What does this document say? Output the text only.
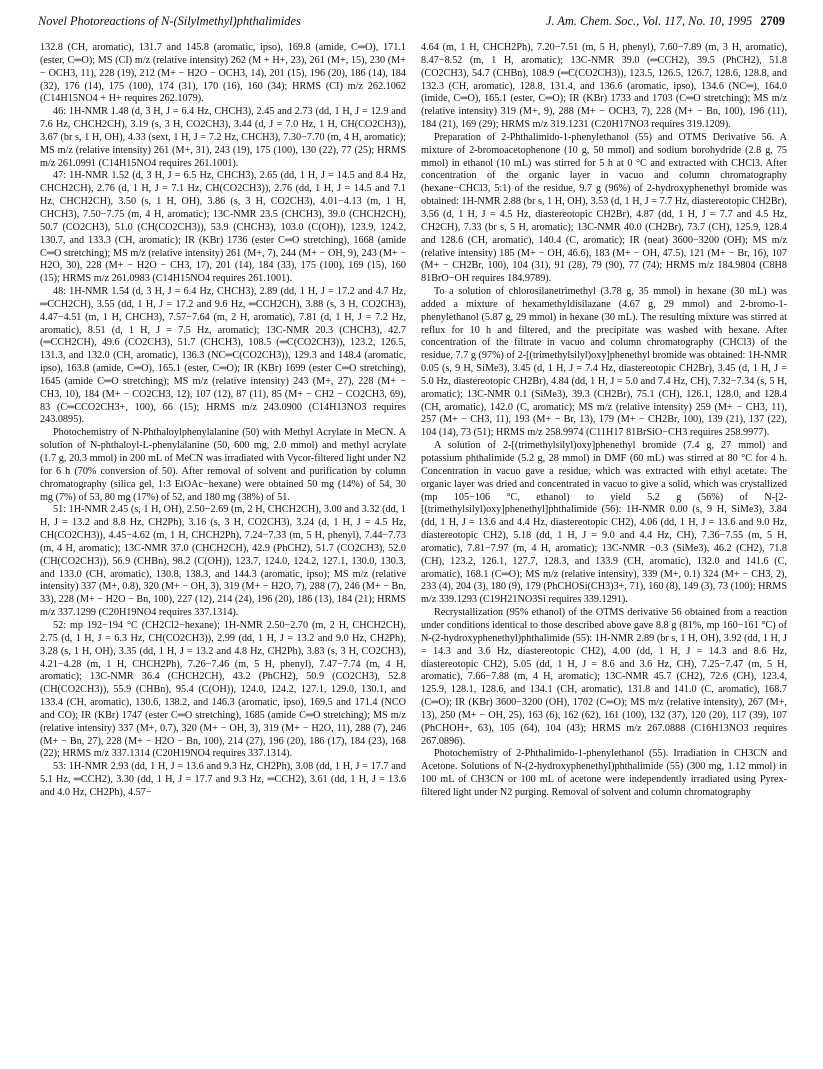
Novel Photoreactions of N-(Silylmethyl)phthalimides	J. Am. Chem. Soc., Vol. 117, No. 10, 1995 2709

132.8 (CH, aromatic), 131.7 and 145.8 (aromatic, ipso), 169.8 (amide, C═O), 171.1 (ester, C═O); MS (CI) m/z (relative intensity) 262 (M + H+, 23), 261 (M+, 15), 230 (M+ − OCH3, 11), 228 (19), 212 (M+ − H2O − OCH3, 14), 201 (15), 196 (20), 186 (14), 184 (32), 176 (14), 175 (100), 174 (31), 170 (16), 160 (34); HRMS (CI) m/z 262.1062 (C14H15NO4 + H+ requires 262.1079).

46: 1H-NMR 1.48 (d, 3 H, J = 6.4 Hz, CHCH3), 2.45 and 2.73 (dd, 1 H, J = 12.9 and 7.6 Hz, CHCH2CH), 3.19 (s, 3 H, CO2CH3), 3.44 (d, J = 7.0 Hz, 1 H, CH(CO2CH3)), 3.67 (br s, 1 H, OH), 4.33 (sext, 1 H, J = 7.2 Hz, CHCH3), 7.30−7.70 (m, 4 H, aromatic); MS m/z (relative intensity) 261 (M+, 31), 243 (19), 175 (100), 130 (22), 77 (25); HRMS m/z 261.0991 (C14H15NO4 requires 261.1001).

47: 1H-NMR 1.52 (d, 3 H, J = 6.5 Hz, CHCH3), 2.65 (dd, 1 H, J = 14.5 and 8.4 Hz, CHCH2CH), 2.76 (d, 1 H, J = 7.1 Hz, CH(CO2CH3)), 2.76 (dd, 1 H, J = 14.5 and 7.1 Hz, CHCH2CH), 3.50 (s, 1 H, OH), 3.86 (s, 3 H, CO2CH3), 4.01−4.13 (m, 1 H, CHCH3), 7.50−7.75 (m, 4 H, aromatic); 13C-NMR 23.5 (CHCH3), 39.0 (CHCH2CH), 50.7 (CO2CH3), 51.0 (CH(CO2CH3)), 53.9 (CHCH3), 103.0 (C(OH)), 123.9, 124.2, 130.7, and 133.3 (CH, aromatic); IR (KBr) 1736 (ester C═O stretching), 1668 (amide C═O stretching); MS m/z (relative intensity) 261 (M+, 7), 244 (M+ − OH, 9), 243 (M+ − H2O, 30), 228 (M+ − H2O − CH3, 17), 201 (14), 184 (33), 175 (100), 169 (15), 160 (15); HRMS m/z 261.0983 (C14H15NO4 requires 261.1001).

48: 1H-NMR 1.54 (d, 3 H, J = 6.4 Hz, CHCH3), 2.89 (dd, 1 H, J = 17.2 and 4.7 Hz, ═CCH2CH), 3.55 (dd, 1 H, J = 17.2 and 9.6 Hz, ═CCH2CH), 3.88 (s, 3 H, CO2CH3), 4.47−4.51 (m, 1 H, CHCH3), 7.57−7.64 (m, 2 H, aromatic), 7.81 (d, 1 H, J = 7.2 Hz, aromatic), 8.51 (d, 1 H, J = 7.5 Hz, aromatic); 13C-NMR 20.3 (CHCH3), 42.7 (═CCH2CH), 49.6 (CO2CH3), 51.7 (CHCH3), 108.5 (═C(CO2CH3)), 123.2, 126.5, 131.3, and 132.0 (CH, aromatic), 136.3 (NC═C(CO2CH3)), 129.3 and 148.4 (aromatic, ipso), 163.8 (amide, C═O), 165.1 (ester, C═O); IR (KBr) 1699 (ester C═O stretching), 1645 (amide C═O stretching); MS m/z (relative intensity) 243 (M+, 27), 228 (M+ − CH3, 10), 184 (M+ − CO2CH3, 12), 107 (12), 87 (11), 85 (M+ − CH2 − CO2CH3, 69), 83 (C═CCO2CH3+, 100), 66 (15); HRMS m/z 243.0900 (C14H13NO3 requires 243.0895).

Photochemistry of N-Phthaloylphenylalanine (50) with Methyl Acrylate in MeCN. A solution of N-phthaloyl-L-phenylalanine (50, 600 mg, 2.0 mmol) and methyl acrylate (1.7 g, 20.3 mmol) in 200 mL of MeCN was irradiated with Vycor-filtered light under N2 for 6 h (70% conversion of 50). After removal of solvent and purification by column chromatography (silica gel, 1:3 EtOAc−hexane) were obtained 50 mg (14%) of 54, 30 mg (7%) of 53, 80 mg (17%) of 52, and 180 mg (38%) of 51.

51: 1H-NMR 2.45 (s, 1 H, OH), 2.50−2.69 (m, 2 H, CHCH2CH), 3.00 and 3.32 (dd, 1 H, J = 13.2 and 8.8 Hz, CH2Ph), 3.16 (s, 3 H, CO2CH3), 3.24 (d, 1 H, J = 4.5 Hz, CH(CO2CH3)), 4.45−4.62 (m, 1 H, CHCH2Ph), 7.24−7.33 (m, 5 H, phenyl), 7.44−7.73 (m, 4 H, aromatic); 13C-NMR 37.0 (CHCH2CH), 42.9 (PhCH2), 51.7 (CO2CH3), 52.0 (CH(CO2CH3)), 56.9 (CHBn), 98.2 (C(OH)), 123.7, 124.0, 124.2, 127.1, 130.0, 130.3, and 133.0 (CH, aromatic), 130.8, 138.3, and 144.3 (aromatic, ipso); MS m/z (relative intensity) 337 (M+, 0.8), 320 (M+ − OH, 3), 319 (M+ − H2O, 7), 288 (7), 246 (M+ − Bn, 33), 228 (M+ − H2O − Bn, 100), 227 (12), 214 (24), 196 (20), 186 (13), 184 (21); HRMS m/z 337.1299 (C20H19NO4 requires 337.1314).

52: mp 192−194 °C (CH2Cl2−hexane); 1H-NMR 2.50−2.70 (m, 2 H, CHCH2CH), 2.75 (d, 1 H, J = 6.3 Hz, CH(CO2CH3)), 2.99 (dd, 1 H, J = 13.2 and 9.0 Hz, CH2Ph), 3.28 (s, 1 H, OH), 3.35 (dd, 1 H, J = 13.2 and 4.8 Hz, CH2Ph), 3.83 (s, 3 H, CO2CH3), 4.21−4.28 (m, 1 H, CHCH2Ph), 7.26−7.46 (m, 5 H, phenyl), 7.47−7.74 (m, 4 H, aromatic); 13C-NMR 36.4 (CHCH2CH), 43.2 (PhCH2), 50.9 (CO2CH3), 52.8 (CH(CO2CH3)), 55.9 (CHBn), 95.4 (C(OH)), 124.0, 124.2, 127.1, 129.0, 130.1, and 133.4 (CH, aromatic), 130.6, 138.2, and 146.3 (aromatic, ipso), 169.5 and 171.4 (NCO and CO); IR (KBr) 1747 (ester C═O stretching), 1685 (amide C═O stretching); MS m/z (relative intensity) 337 (M+, 0.7), 320 (M+ − OH, 3), 319 (M+ − H2O, 11), 288 (7), 246 (M+ − Bn, 27), 228 (M+ − H2O − Bn, 100), 214 (27), 196 (20), 186 (17), 184 (23), 168 (22); HRMS m/z 337.1314 (C20H19NO4 requires 337.1314).

53: 1H-NMR 2.93 (dd, 1 H, J = 13.6 and 9.3 Hz, CH2Ph), 3.08 (dd, 1 H, J = 17.7 and 5.1 Hz, ═CCH2), 3.30 (dd, 1 H, J = 17.7 and 9.3 Hz, ═CCH2), 3.61 (dd, 1 H, J = 13.6 and 4.0 Hz, CH2Ph), 4.57−

4.64 (m, 1 H, CHCH2Ph), 7.20−7.51 (m, 5 H, phenyl), 7.60−7.89 (m, 3 H, aromatic), 8.47−8.52 (m, 1 H, aromatic); 13C-NMR 39.0 (═CCH2), 39.5 (PhCH2), 51.8 (CO2CH3), 54.7 (CHBn), 108.9 (═C(CO2CH3)), 123.5, 126.5, 126.7, 128.6, 128.8, and 132.3 (CH, aromatic), 128.8, 131.4, and 136.6 (aromatic, ipso), 134.6 (NC═), 164.0 (imide, C═O), 165.1 (ester, C═O); IR (KBr) 1733 and 1703 (C═O stretching); MS m/z (relative intensity) 319 (M+, 9), 288 (M+ − OCH3, 7), 228 (M+ − Bn, 100), 196 (11), 184 (21), 169 (29); HRMS m/z 319.1231 (C20H17NO3 requires 319.1209).

Preparation of 2-Phthalimido-1-phenylethanol (55) and OTMS Derivative 56. A mixture of 2-bromoacetophenone (10 g, 50 mmol) and sodium borohydride (2.8 g, 75 mmol) in ethanol (10 mL) was stirred for 5 h at 0 °C and extracted with CHCl3. After concentration of the organic layer in vacuo and column chromatography (hexane−CHCl3, 5:1) of the residue, 9.7 g (96%) of 2-hydroxyphenethyl bromide was obtained: 1H-NMR 2.88 (br s, 1 H, OH), 3.53 (d, 1 H, J = 7.7 Hz, diastereotopic CH2Br), 3.56 (d, 1 H, J = 4.5 Hz, diastereotopic CH2Br), 4.87 (dd, 1 H, J = 7.7 and 4.5 Hz, CH2CH), 7.33 (br s, 5 H, aromatic); 13C-NMR 40.0 (CH2Br), 73.7 (CH), 125.9, 128.4 and 128.6 (CH, aromatic), 140.4 (C, aromatic); IR (neat) 3600−3200 (OH); MS m/z (relative intensity) 185 (M+ − OH, 46.6), 183 (M+ − OH, 47.5), 121 (M+ − Br, 16), 107 (M+ − CH2Br, 100), 104 (31), 91 (28), 79 (90), 77 (74); HRMS m/z 184.9804 (C8H8 81BrO−OH requires 184.9789).

To a solution of chlorosilanetrimethyl (3.78 g, 35 mmol) in hexane (30 mL) was added a mixture of hexamethyldisilazane (4.67 g, 29 mmol) and 2-bromo-1-phenylethanol (5.87 g, 29 mmol) in hexane (30 mL). The resulting mixture was stirred at reflux for 10 h and filtered, and the precipitate was washed with hexane. After concentration of the filtrate in vacuo and column chromatography (CHCl3) of the residue, 7.7 g (97%) of 2-[(trimethylsilyl)oxy]phenethyl bromide was obtained: 1H-NMR 0.05 (s, 9 H, SiMe3), 3.45 (d, 1 H, J = 7.4 Hz, diastereotopic CH2Br), 3.45 (d, 1 H, J = 5.0 Hz, diastereotopic CH2Br), 4.84 (dd, 1 H, J = 5.0 and 7.4 Hz, CH), 7.32−7.34 (s, 5 H, aromatic); 13C-NMR 0.1 (SiMe3), 39.3 (CH2Br), 75.1 (CH), 126.1, 128.0, and 128.4 (CH, aromatic), 142.0 (C, aromatic); MS m/z (relative intensity) 259 (M+ − CH3, 11), 257 (M+ − CH3, 11), 193 (M+ − Br, 13), 179 (M+ − CH2Br, 100), 139 (21), 137 (22), 104 (14), 73 (51); HRMS m/z 258.9974 (C11H17 81BrSiO−CH3 requires 258.9977).

A solution of 2-[(trimethylsilyl)oxy]phenethyl bromide (7.4 g, 27 mmol) and potassium phthalimide (5.2 g, 28 mmol) in DMF (60 mL) was stirred at 80 °C for 4 h. Concentration in vacuo gave a residue, which was extracted with ethyl acetate. The organic layer was dried and concentrated in vacuo to give a solid, which was crystallized (mp 105−106 °C, ethanol) to yield 5.2 g (56%) of N-[2-[(trimethylsilyl)oxy]phenethyl]phthalimide (56): 1H-NMR 0.00 (s, 9 H, SiMe3), 3.84 (dd, 1 H, J = 13.6 and 4.4 Hz, diastereotopic CH2), 4.06 (dd, 1 H, J = 13.6 and 9.0 Hz, diastereotopic CH2), 5.18 (dd, 1 H, J = 9.0 and 4.4 Hz, CH), 7.36−7.55 (m, 5 H, aromatic), 7.81−7.97 (m, 4 H, aromatic); 13C-NMR −0.3 (SiMe3), 46.2 (CH2), 71.8 (CH), 123.2, 126.1, 127.7, 128.3, and 133.9 (CH, aromatic), 132.0 and 141.6 (C, aromatic), 168.1 (C═O); MS m/z (relative intensity), 339 (M+, 0.1) 324 (M+ − CH3, 2), 233 (4), 204 (3), 180 (9), 179 (PhCHOSi(CH3)3+, 71), 160 (8), 149 (3), 73 (100); HRMS m/z 339.1293 (C19H21NO3Si requires 339.1291).

Recrystallization (95% ethanol) of the OTMS derivative 56 obtained from a reaction under conditions identical to those described above gave 8.8 g (81%, mp 160−161 °C) of N-(2-hydroxyphenethyl)phthalimide (55): 1H-NMR 2.89 (br s, 1 H, OH), 3.92 (dd, 1 H, J = 14.3 and 3.6 Hz, diastereotopic CH2), 4.00 (dd, 1 H, J = 14.3 and 8.6 Hz, diastereotopic CH2), 5.05 (dd, 1 H, J = 8.6 and 3.6 Hz, CH), 7.25−7.47 (m, 5 H, aromatic), 7.66−7.88 (m, 4 H, aromatic); 13C-NMR 45.7 (CH2), 72.6 (CH), 123.4, 125.9, 128.1, 128.6, and 134.1 (CH, aromatic), 131.8 and 141.0 (C, aromatic), 168.7 (C═O); IR (KBr) 3600−3200 (OH), 1702 (C═O); MS m/z (relative intensity), 267 (M+, 13), 250 (M+ − OH, 25), 163 (6), 162 (62), 161 (100), 132 (37), 120 (20), 117 (39), 107 (PhCHOH+, 63), 105 (64), 104 (43); HRMS m/z 267.0888 (C16H13NO3 requires 267.0896).

Photochemistry of 2-Phthalimido-1-phenylethanol (55). Irradiation in CH3CN and Acetone. Solutions of N-(2-hydroxyphenethyl)phthalimide (55) (300 mg, 1.12 mmol) in 100 mL of CH3CN or 100 mL of acetone were independently irradiated using Pyrex-filtered light under N2 purging. Removal of solvent and column chromatography
